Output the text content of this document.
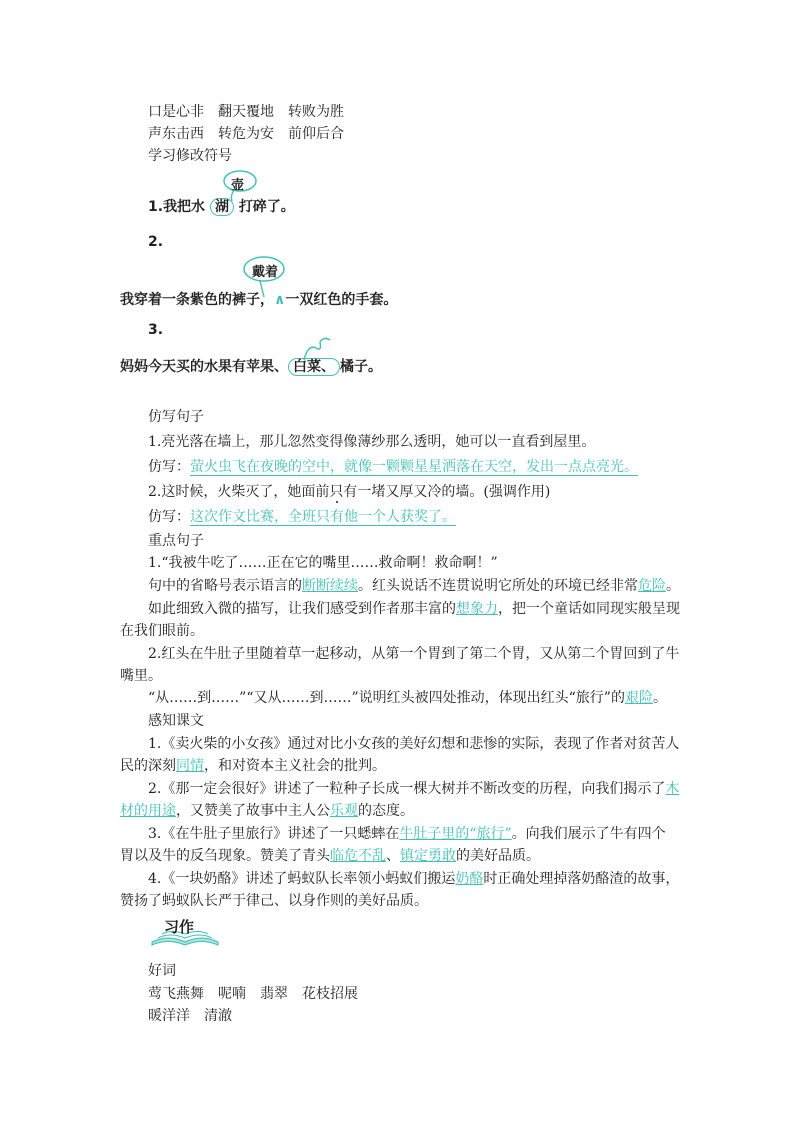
口是心非　翻天覆地　转败为胜
声东击西　转危为安　前仰后合
学习修改符号
壶
1.我把水 湖 打碎了。
2.
戴着
我穿着一条紫色的裤子，∧一双红色的手套。
3.
妈妈今天买的水果有苹果、 白菜、 橘子。
仿写句子
1.亮光落在墙上，那儿忽然变得像薄纱那么透明，她可以一直看到屋里。
仿写：萤火虫飞在夜晚的空中，就像一颗颗星星洒落在天空，发出一点点亮光。
2.这时候，火柴灭了，她面前只有一堵又厚又冷的墙。(强调作用)
仿写：这次作文比赛，全班只有他一个人获奖了。
重点句子
1.“我被牛吃了……正在它的嘴里……救命啊！救命啊！”
句中的省略号表示语言的断断续续。红头说话不连贯说明它所处的环境已经非常危险。
如此细致入微的描写，让我们感受到作者那丰富的想象力，把一个童话如同现实般呈现
在我们眼前。
2.红头在牛肚子里随着草一起移动，从第一个胃到了第二个胃，又从第二个胃回到了牛
嘴里。
“从……到……”“又从……到……”说明红头被四处推动，体现出红头“旅行”的艰险。
感知课文
1.《卖火柴的小女孩》通过对比小女孩的美好幻想和悲惨的实际，表现了作者对贫苦人
民的深刻同情，和对资本主义社会的批判。
2.《那一定会很好》讲述了一粒种子长成一棵大树并不断改变的历程，向我们揭示了木
材的用途，又赞美了故事中主人公乐观的态度。
3.《在牛肚子里旅行》讲述了一只蟋蟀在牛肚子里的“旅行”。向我们展示了牛有四个
胃以及牛的反刍现象。赞美了青头临危不乱、镇定勇敢的美好品质。
4.《一块奶酪》讲述了蚂蚁队长率领小蚂蚁们搬运奶酪时正确处理掉落奶酪渣的故事，
赞扬了蚂蚁队长严于律己、以身作则的美好品质。
习作
好词
莺飞燕舞　呢喃　翡翠　花枝招展
暖洋洋　清澈
